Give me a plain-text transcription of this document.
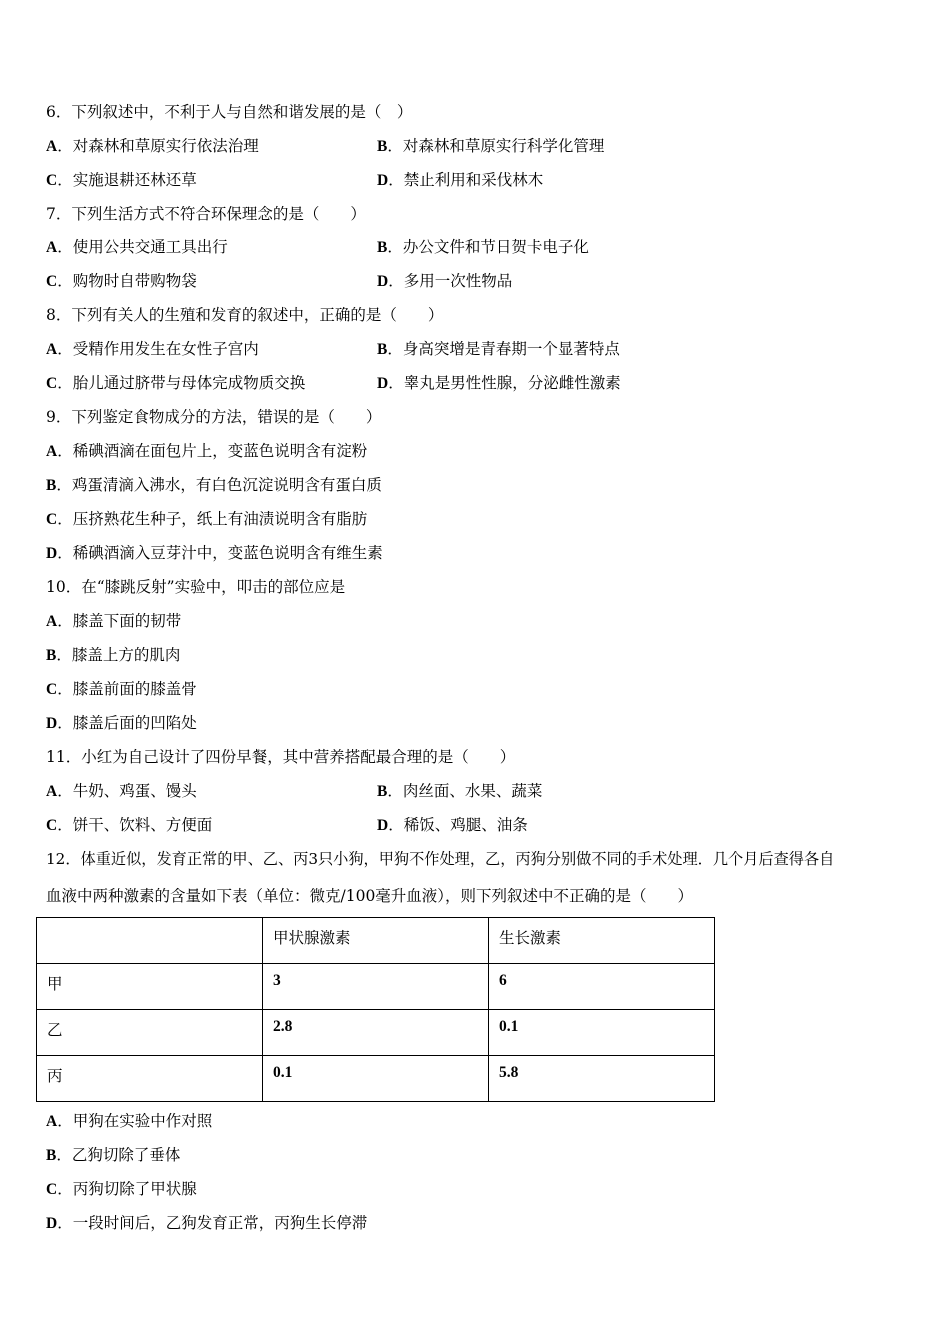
6．下列叙述中，不利于人与自然和谐发展的是（　）
A．对森林和草原实行依法治理	B．对森林和草原实行科学化管理
C．实施退耕还林还草	D．禁止利用和采伐林木
7．下列生活方式不符合环保理念的是（　　）
A．使用公共交通工具出行	B．办公文件和节日贺卡电子化
C．购物时自带购物袋	D．多用一次性物品
8．下列有关人的生殖和发育的叙述中，正确的是（　　）
A．受精作用发生在女性子宫内	B．身高突增是青春期一个显著特点
C．胎儿通过脐带与母体完成物质交换	D．睾丸是男性性腺，分泌雌性激素
9．下列鉴定食物成分的方法，错误的是（　　）
A．稀碘酒滴在面包片上，变蓝色说明含有淀粉
B．鸡蛋清滴入沸水，有白色沉淀说明含有蛋白质
C．压挤熟花生种子，纸上有油渍说明含有脂肪
D．稀碘酒滴入豆芽汁中，变蓝色说明含有维生素
10．在“膝跳反射”实验中，叩击的部位应是
A．膝盖下面的韧带
B．膝盖上方的肌肉
C．膝盖前面的膝盖骨
D．膝盖后面的凹陷处
11．小红为自己设计了四份早餐，其中营养搭配最合理的是（　　）
A．牛奶、鸡蛋、馒头	B．肉丝面、水果、蔬菜
C．饼干、饮料、方便面	D．稀饭、鸡腿、油条
12．体重近似，发育正常的甲、乙、丙3只小狗，甲狗不作处理，乙，丙狗分别做不同的手术处理．几个月后查得各自
血液中两种激素的含量如下表（单位：微克/100毫升血液），则下列叙述中不正确的是（　　）
	甲状腺激素	生长激素
甲	3	6
乙	2.8	0.1
丙	0.1	5.8
A．甲狗在实验中作对照
B．乙狗切除了垂体
C．丙狗切除了甲状腺
D．一段时间后，乙狗发育正常，丙狗生长停滞
